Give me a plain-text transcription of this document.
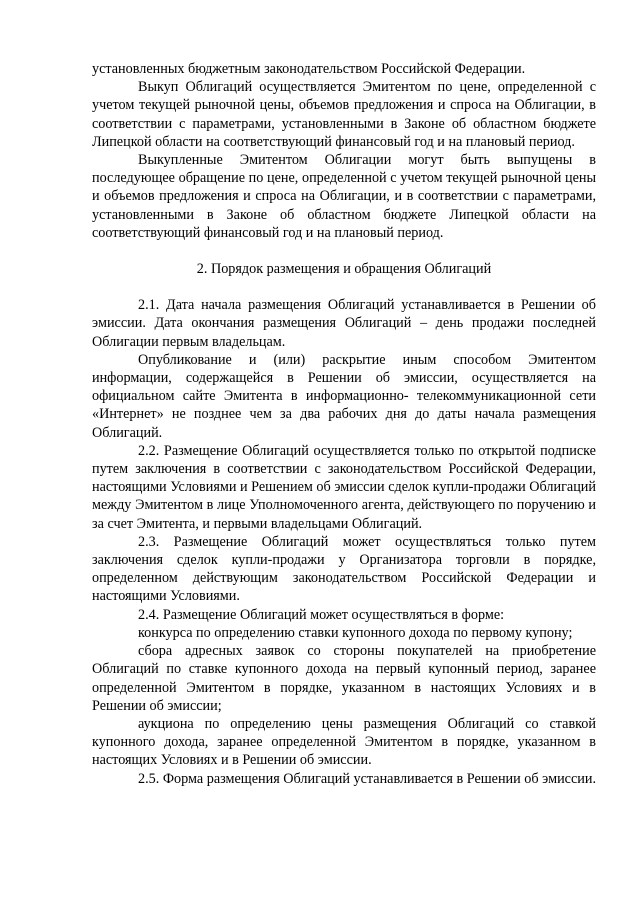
установленных бюджетным законодательством Российской Федерации.

Выкуп Облигаций осуществляется Эмитентом по цене, определенной с учетом текущей рыночной цены, объемов предложения и спроса на Облигации, в соответствии с параметрами, установленными в Законе об областном бюджете Липецкой области на соответствующий финансовый год и на плановый период.

Выкупленные Эмитентом Облигации могут быть выпущены в последующее обращение по цене, определенной с учетом текущей рыночной цены и объемов предложения и спроса на Облигации, и в соответствии с параметрами, установленными в Законе об областном бюджете Липецкой области на соответствующий финансовый год и на плановый период.

2. Порядок размещения и обращения Облигаций

2.1. Дата начала размещения Облигаций устанавливается в Решении об эмиссии. Дата окончания размещения Облигаций – день продажи последней Облигации первым владельцам.

Опубликование и (или) раскрытие иным способом Эмитентом информации, содержащейся в Решении об эмиссии, осуществляется на официальном сайте Эмитента в информационно- телекоммуникационной сети «Интернет» не позднее чем за два рабочих дня до даты начала размещения Облигаций.

2.2. Размещение Облигаций осуществляется только по открытой подписке путем заключения в соответствии с законодательством Российской Федерации, настоящими Условиями и Решением об эмиссии сделок купли-продажи Облигаций между Эмитентом в лице Уполномоченного агента, действующего по поручению и за счет Эмитента, и первыми владельцами Облигаций.

2.3. Размещение Облигаций может осуществляться только путем заключения сделок купли-продажи у Организатора торговли в порядке, определенном действующим законодательством Российской Федерации и настоящими Условиями.

2.4. Размещение Облигаций может осуществляться в форме:

конкурса по определению ставки купонного дохода по первому купону;

сбора адресных заявок со стороны покупателей на приобретение Облигаций по ставке купонного дохода на первый купонный период, заранее определенной Эмитентом в порядке, указанном в настоящих Условиях и в Решении об эмиссии;

аукциона по определению цены размещения Облигаций со ставкой купонного дохода, заранее определенной Эмитентом в порядке, указанном в настоящих Условиях и в Решении об эмиссии.

2.5. Форма размещения Облигаций устанавливается в Решении об эмиссии.
